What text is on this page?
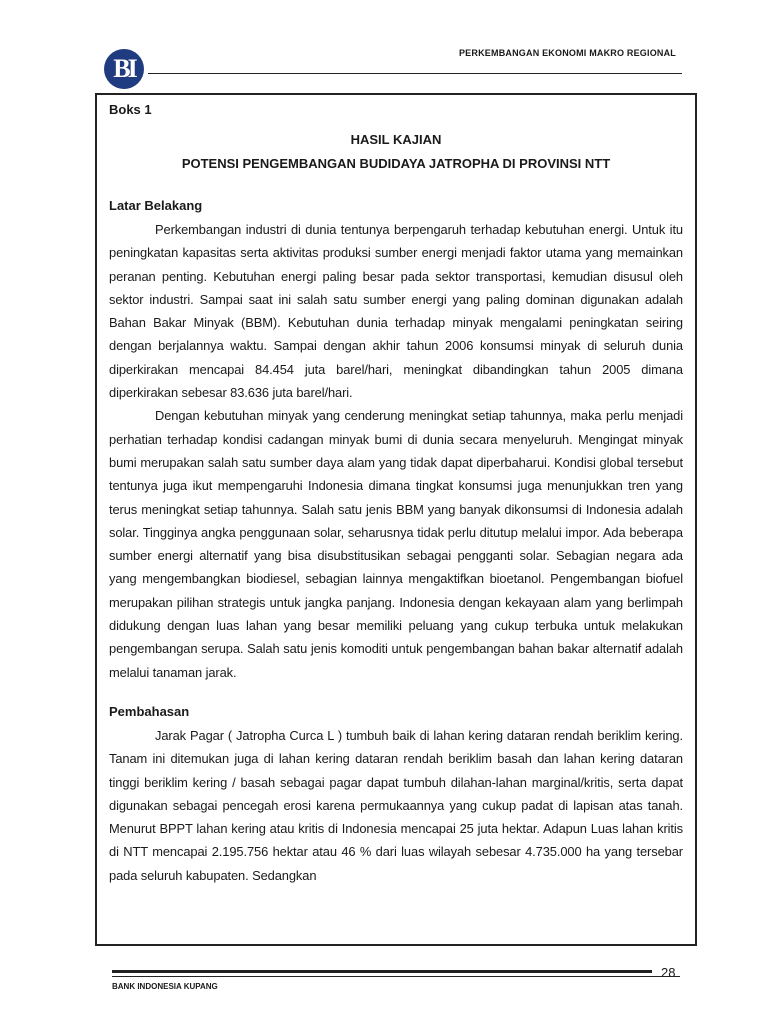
BI
PERKEMBANGAN EKONOMI MAKRO REGIONAL
Boks 1
HASIL KAJIAN
POTENSI PENGEMBANGAN BUDIDAYA JATROPHA DI PROVINSI NTT
Latar Belakang

Perkembangan industri di dunia tentunya berpengaruh terhadap kebutuhan energi. Untuk itu peningkatan kapasitas serta aktivitas produksi sumber energi menjadi faktor utama yang memainkan peranan penting. Kebutuhan energi paling besar pada sektor transportasi, kemudian disusul oleh sektor industri. Sampai saat ini salah satu sumber energi yang paling dominan digunakan adalah Bahan Bakar Minyak (BBM). Kebutuhan dunia terhadap minyak mengalami peningkatan seiring dengan berjalannya waktu. Sampai dengan akhir tahun 2006 konsumsi minyak di seluruh dunia diperkirakan mencapai 84.454 juta barel/hari, meningkat dibandingkan tahun 2005 dimana diperkirakan sebesar 83.636 juta barel/hari.

Dengan kebutuhan minyak yang cenderung meningkat setiap tahunnya, maka perlu menjadi perhatian terhadap kondisi cadangan minyak bumi di dunia secara menyeluruh. Mengingat minyak bumi merupakan salah satu sumber daya alam yang tidak dapat diperbaharui. Kondisi global tersebut tentunya juga ikut mempengaruhi Indonesia dimana tingkat konsumsi juga menunjukkan tren yang terus meningkat setiap tahunnya. Salah satu jenis BBM yang banyak dikonsumsi di Indonesia adalah solar. Tingginya angka penggunaan solar, seharusnya tidak perlu ditutup melalui impor. Ada beberapa sumber energi alternatif yang bisa disubstitusikan sebagai pengganti solar. Sebagian negara ada yang mengembangkan biodiesel, sebagian lainnya mengaktifkan bioetanol. Pengembangan biofuel merupakan pilihan strategis untuk jangka panjang. Indonesia dengan kekayaan alam yang berlimpah didukung dengan luas lahan yang besar memiliki peluang yang cukup terbuka untuk melakukan pengembangan serupa. Salah satu jenis komoditi untuk pengembangan bahan bakar alternatif adalah melalui tanaman jarak.

Pembahasan

Jarak Pagar ( Jatropha Curca L ) tumbuh baik di lahan kering dataran rendah beriklim kering. Tanam ini ditemukan juga di lahan kering dataran rendah beriklim basah dan lahan kering dataran tinggi beriklim kering / basah sebagai pagar dapat tumbuh dilahan-lahan marginal/kritis, serta dapat digunakan sebagai pencegah erosi karena permukaannya yang cukup padat di lapisan atas tanah. Menurut BPPT lahan kering atau kritis di Indonesia mencapai 25 juta hektar. Adapun Luas lahan kritis di NTT mencapai 2.195.756 hektar atau 46 % dari luas wilayah sebesar 4.735.000 ha yang tersebar pada seluruh kabupaten. Sedangkan

28
BANK INDONESIA KUPANG
